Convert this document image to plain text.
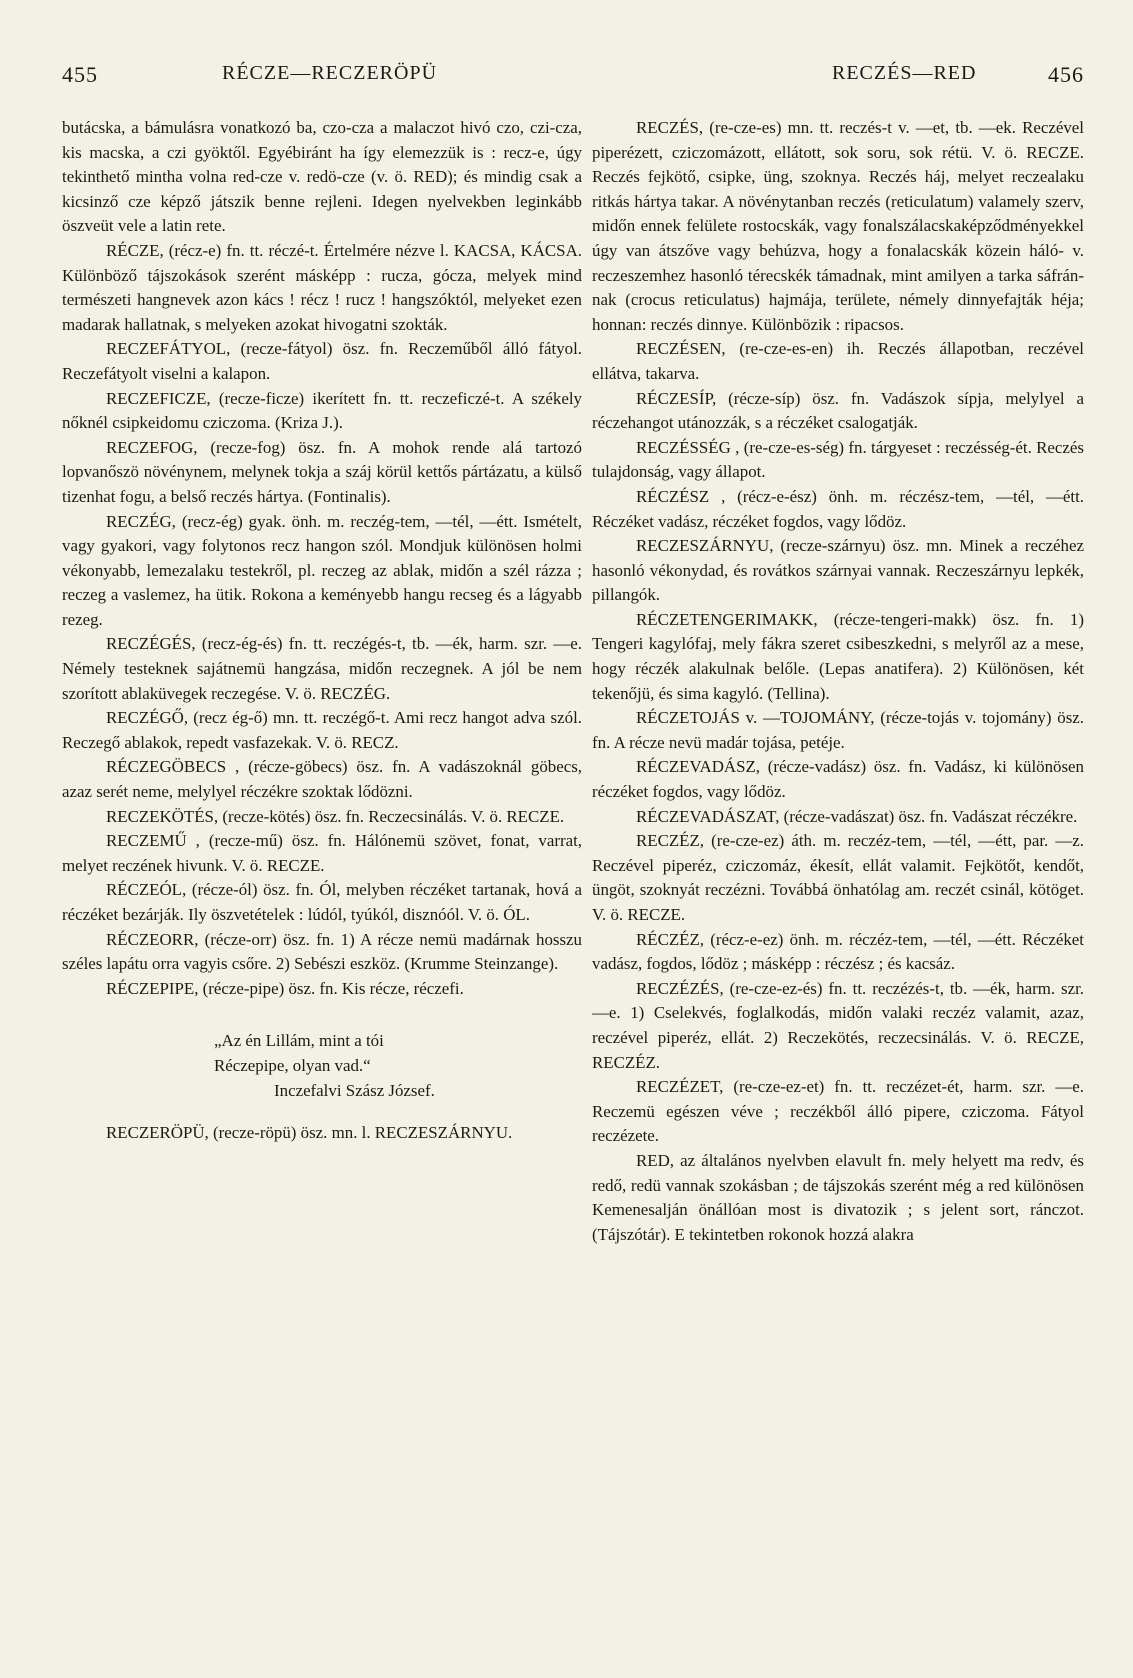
455	RÉCZE—RECZERÖPÜ	RECZÉS—RED	456

butácska, a bámulásra vonatkozó ba, czo-cza a malaczot hivó czo, czi-cza, kis macska, a czi gyöktől. Egyébiránt ha így elemezzük is : recz-e, úgy tekinthető mintha volna red-cze v. redö-cze (v. ö. RED); és mindig csak a kicsinző cze képző játszik benne rejleni. Idegen nyelvekben leginkább öszveüt vele a latin rete.

RÉCZE, (récz-e) fn. tt. réczé-t. Értelmére nézve l. KACSA, KÁCSA. Különböző tájszokások szerént másképp : rucza, gócza, melyek mind természeti hangnevek azon kács ! récz ! rucz ! hangszóktól, melyeket ezen madarak hallatnak, s melyeken azokat hivogatni szokták.

RECZEFÁTYOL, (recze-fátyol) ösz. fn. Reczeműből álló fátyol. Reczefátyolt viselni a kalapon.

RECZEFICZE, (recze-ficze) ikerített fn. tt. reczeficzé-t. A székely nőknél csipkeidomu cziczoma. (Kriza J.).

RECZEFOG, (recze-fog) ösz. fn. A mohok rende alá tartozó lopvanőszö növénynem, melynek tokja a száj körül kettős pártázatu, a külső tizenhat fogu, a belső reczés hártya. (Fontinalis).

RECZÉG, (recz-ég) gyak. önh. m. reczég-tem, —tél, —étt. Ismételt, vagy gyakori, vagy folytonos recz hangon szól. Mondjuk különösen holmi vékonyabb, lemezalaku testekről, pl. reczeg az ablak, midőn a szél rázza ; reczeg a vaslemez, ha ütik. Rokona a keményebb hangu recseg és a lágyabb rezeg.

RECZÉGÉS, (recz-ég-és) fn. tt. reczégés-t, tb. —ék, harm. szr. —e. Némely testeknek sajátnemü hangzása, midőn reczegnek. A jól be nem szorított ablaküvegek reczegése. V. ö. RECZÉG.

RECZÉGŐ, (recz ég-ő) mn. tt. reczégő-t. Ami recz hangot adva szól. Reczegő ablakok, repedt vasfazekak. V. ö. RECZ.

RÉCZEGÖBECS , (récze-göbecs) ösz. fn. A vadászoknál göbecs, azaz serét neme, melylyel réczékre szoktak lődözni.

RECZEKÖTÉS, (recze-kötés) ösz. fn. Reczecsinálás. V. ö. RECZE.

RECZEMŰ , (recze-mű) ösz. fn. Hálónemü szövet, fonat, varrat, melyet reczének hivunk. V. ö. RECZE.

RÉCZEÓL, (récze-ól) ösz. fn. Ól, melyben réczéket tartanak, hová a réczéket bezárják. Ily öszvetételek : lúdól, tyúkól, disznóól. V. ö. ÓL.

RÉCZEORR, (récze-orr) ösz. fn. 1) A récze nemü madárnak hosszu széles lapátu orra vagyis csőre. 2) Sebészi eszköz. (Krumme Steinzange).

RÉCZEPIPE, (récze-pipe) ösz. fn. Kis récze, réczefi.

„Az én Lillám, mint a tói
Réczepipe, olyan vad.“
Inczefalvi Szász József.

RECZERÖPÜ, (recze-röpü) ösz. mn. l. RECZESZÁRNYU.

RECZÉS, (re-cze-es) mn. tt. reczés-t v. —et, tb. —ek. Reczével piperézett, cziczomázott, ellátott, sok soru, sok rétü. V. ö. RECZE. Reczés fejkötő, csipke, üng, szoknya. Reczés háj, melyet reczealaku ritkás hártya takar. A növénytanban reczés (reticulatum) valamely szerv, midőn ennek felülete rostocskák, vagy fonalszálacskaképződményekkel úgy van átszőve vagy behúzva, hogy a fonalacskák közein háló- v. reczeszemhez hasonló térecskék támadnak, mint amilyen a tarka sáfrán-nak (crocus reticulatus) hajmája, területe, némely dinnyefajták héja; honnan: reczés dinnye. Különbözik : ripacsos.

RECZÉSEN, (re-cze-es-en) ih. Reczés állapotban, reczével ellátva, takarva.

RÉCZESÍP, (récze-síp) ösz. fn. Vadászok sípja, melylyel a réczehangot utánozzák, s a réczéket csalogatják.

RECZÉSSÉG , (re-cze-es-ség) fn. tárgyeset : reczésség-ét. Reczés tulajdonság, vagy állapot.

RÉCZÉSZ , (récz-e-ész) önh. m. réczész-tem, —tél, —étt. Réczéket vadász, réczéket fogdos, vagy lődöz.

RECZESZÁRNYU, (recze-szárnyu) ösz. mn. Minek a reczéhez hasonló vékonydad, és rovátkos szárnyai vannak. Reczeszárnyu lepkék, pillangók.

RÉCZETENGERIMAKK, (récze-tengeri-makk) ösz. fn. 1) Tengeri kagylófaj, mely fákra szeret csibeszkedni, s melyről az a mese, hogy réczék alakulnak belőle. (Lepas anatifera). 2) Különösen, két tekenőjü, és sima kagyló. (Tellina).

RÉCZETOJÁS v. —TOJOMÁNY, (récze-tojás v. tojomány) ösz. fn. A récze nevü madár tojása, petéje.

RÉCZEVADÁSZ, (récze-vadász) ösz. fn. Vadász, ki különösen réczéket fogdos, vagy lődöz.

RÉCZEVADÁSZAT, (récze-vadászat) ösz. fn. Vadászat réczékre.

RECZÉZ, (re-cze-ez) áth. m. reczéz-tem, —tél, —étt, par. —z. Reczével piperéz, cziczomáz, ékesít, ellát valamit. Fejkötőt, kendőt, üngöt, szoknyát reczézni. Továbbá önhatólag am. reczét csinál, kötöget. V. ö. RECZE.

RÉCZÉZ, (récz-e-ez) önh. m. réczéz-tem, —tél, —étt. Réczéket vadász, fogdos, lődöz ; másképp : réczész ; és kacsáz.

RECZÉZÉS, (re-cze-ez-és) fn. tt. reczézés-t, tb. —ék, harm. szr. —e. 1) Cselekvés, foglalkodás, midőn valaki reczéz valamit, azaz, reczével piperéz, ellát. 2) Reczekötés, reczecsinálás. V. ö. RECZE, RECZÉZ.

RECZÉZET, (re-cze-ez-et) fn. tt. reczézet-ét, harm. szr. —e. Reczemü egészen véve ; reczékből álló pipere, cziczoma. Fátyol reczézete.

RED, az általános nyelvben elavult fn. mely helyett ma redv, és redő, redü vannak szokásban ; de tájszokás szerént még a red különösen Kemenesalján önállóan most is divatozik ; s jelent sort, ránczot. (Tájszótár). E tekintetben rokonok hozzá alakra
